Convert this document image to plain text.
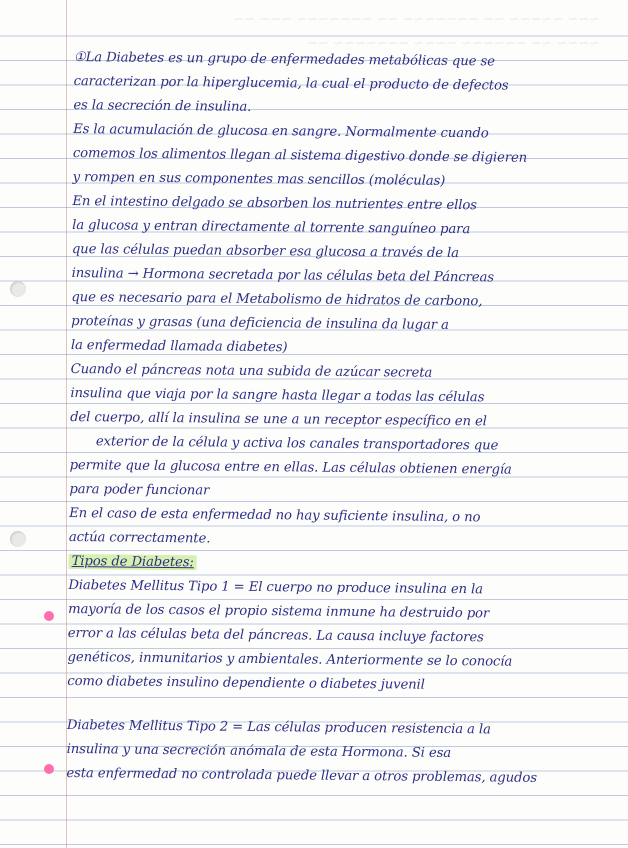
~~~ ~~~~~ ~~ ~~~~~~~ ~~ ~~~~~~~ ~~~ ~~
~~~~ ~~ ~~~~~~ ~~~~ ~~~~~~~ ~~
①La Diabetes es un grupo de enfermedades metabólicas que se
caracterizan por la hiperglucemia, la cual el producto de defectos
es la secreción de insulina.
Es la acumulación de glucosa en sangre. Normalmente cuando
comemos los alimentos llegan al sistema digestivo donde se digieren
y rompen en sus componentes mas sencillos (moléculas)
En el intestino delgado se absorben los nutrientes entre ellos
la glucosa y entran directamente al torrente sanguíneo para
que las células puedan absorber esa glucosa a través de la
insulina → Hormona secretada por las células beta del Páncreas
que es necesario para el Metabolismo de hidratos de carbono,
proteínas y grasas (una deficiencia de insulina da lugar a
la enfermedad llamada diabetes)
Cuando el páncreas nota una subida de azúcar secreta
insulina que viaja por la sangre hasta llegar a todas las células
del cuerpo, allí la insulina se une a un receptor específico en el
exterior de la célula y activa los canales transportadores que
permite que la glucosa entre en ellas. Las células obtienen energía
para poder funcionar
En el caso de esta enfermedad no hay suficiente insulina, o no
actúa correctamente.
Tipos de Diabetes:
Diabetes Mellitus Tipo 1 = El cuerpo no produce insulina en la
mayoría de los casos el propio sistema inmune ha destruido por
error a las células beta del páncreas. La causa incluye factores
genéticos, inmunitarios y ambientales. Anteriormente se lo conocía
como diabetes insulino dependiente o diabetes juvenil
Diabetes Mellitus Tipo 2 = Las células producen resistencia a la
insulina y una secreción anómala de esta Hormona. Si esa
esta enfermedad no controlada puede llevar a otros problemas, agudos
